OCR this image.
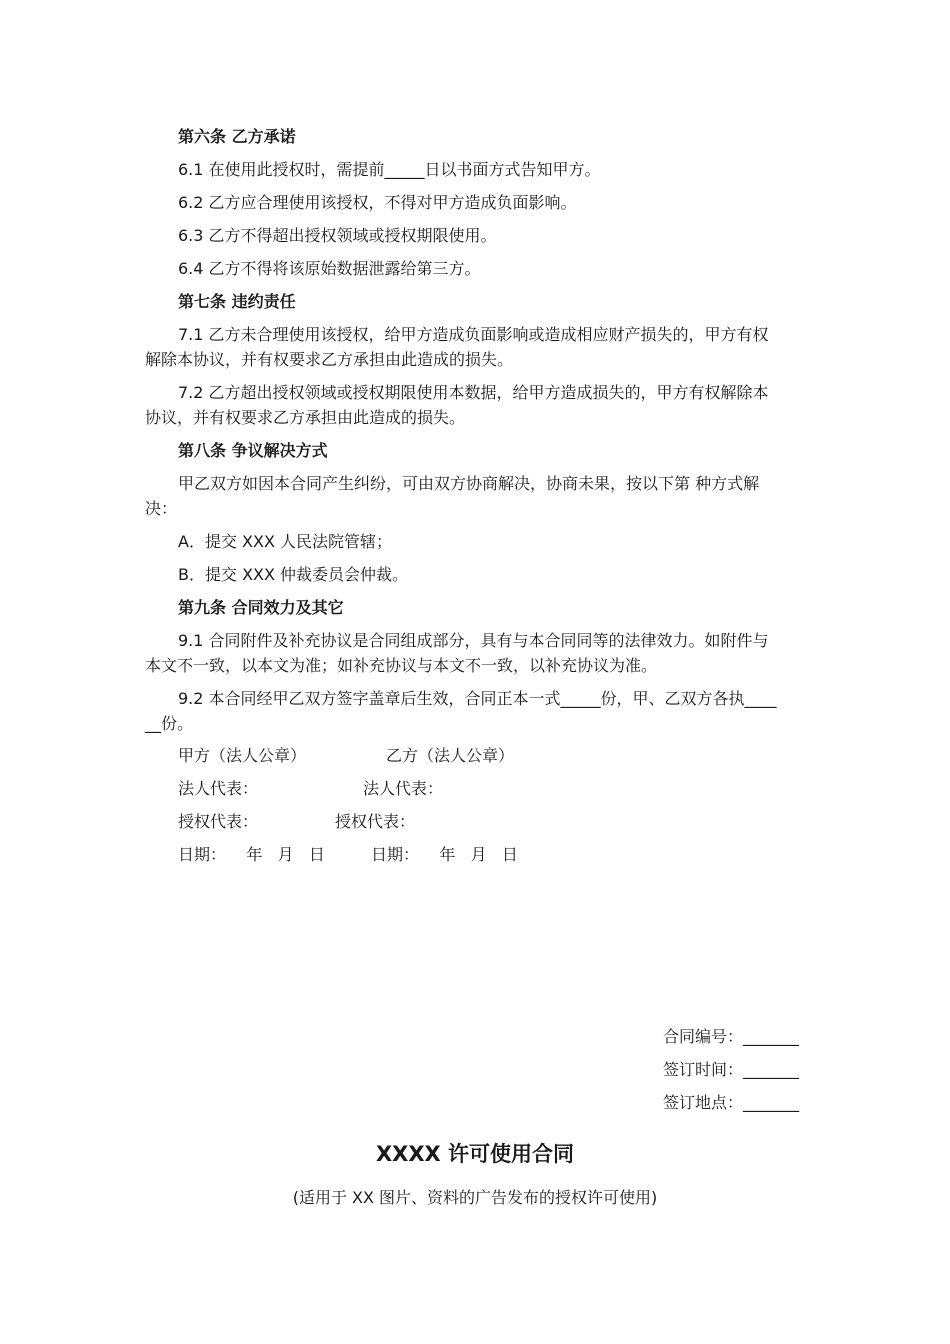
第六条 乙方承诺
6.1 在使用此授权时，需提前_____日以书面方式告知甲方。
6.2 乙方应合理使用该授权，不得对甲方造成负面影响。
6.3 乙方不得超出授权领域或授权期限使用。
6.4 乙方不得将该原始数据泄露给第三方。
第七条 违约责任
7.1 乙方未合理使用该授权，给甲方造成负面影响或造成相应财产损失的，甲方有权
解除本协议，并有权要求乙方承担由此造成的损失。
7.2 乙方超出授权领域或授权期限使用本数据，给甲方造成损失的，甲方有权解除本
协议，并有权要求乙方承担由此造成的损失。
第八条 争议解决方式
甲乙双方如因本合同产生纠纷，可由双方协商解决，协商未果，按以下第 种方式解
决：
A．提交 XXX 人民法院管辖；
B．提交 XXX 仲裁委员会仲裁。
第九条 合同效力及其它
9.1 合同附件及补充协议是合同组成部分，具有与本合同同等的法律效力。如附件与
本文不一致，以本文为准；如补充协议与本文不一致，以补充协议为准。
9.2 本合同经甲乙双方签字盖章后生效，合同正本一式_____份，甲、乙双方各执____
__份。
甲方（法人公章）	乙方（法人公章）
法人代表：	法人代表：
授权代表：	授权代表：
日期：    年   月   日	日期：    年   月   日
合同编号：_______
签订时间：_______
签订地点：_______
XXXX 许可使用合同
(适用于 XX 图片、资料的广告发布的授权许可使用)
